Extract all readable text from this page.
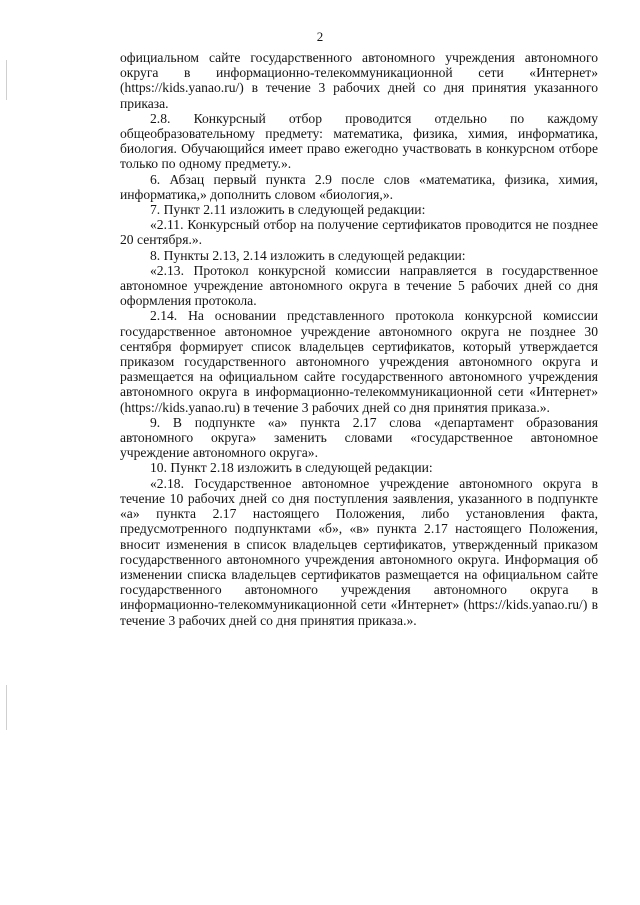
2

официальном сайте государственного автономного учреждения автономного округа в информационно-телекоммуникационной сети «Интернет» (https://kids.yanao.ru/) в течение 3 рабочих дней со дня принятия указанного приказа.

2.8. Конкурсный отбор проводится отдельно по каждому общеобразовательному предмету: математика, физика, химия, информатика, биология. Обучающийся имеет право ежегодно участвовать в конкурсном отборе только по одному предмету.».

6. Абзац первый пункта 2.9 после слов «математика, физика, химия, информатика,» дополнить словом «биология,».

7. Пункт 2.11 изложить в следующей редакции:

«2.11. Конкурсный отбор на получение сертификатов проводится не позднее 20 сентября.».

8. Пункты 2.13, 2.14 изложить в следующей редакции:

«2.13. Протокол конкурсной комиссии направляется в государственное автономное учреждение автономного округа в течение 5 рабочих дней со дня оформления протокола.

2.14. На основании представленного протокола конкурсной комиссии государственное автономное учреждение автономного округа не позднее 30 сентября формирует список владельцев сертификатов, который утверждается приказом государственного автономного учреждения автономного округа и размещается на официальном сайте государственного автономного учреждения автономного округа в информационно-телекоммуникационной сети «Интернет» (https://kids.yanao.ru) в течение 3 рабочих дней со дня принятия приказа.».

9. В подпункте «а» пункта 2.17 слова «департамент образования автономного округа» заменить словами «государственное автономное учреждение автономного округа».

10. Пункт 2.18 изложить в следующей редакции:

«2.18. Государственное автономное учреждение автономного округа в течение 10 рабочих дней со дня поступления заявления, указанного в подпункте «а» пункта 2.17 настоящего Положения, либо установления факта, предусмотренного подпунктами «б», «в» пункта 2.17 настоящего Положения, вносит изменения в список владельцев сертификатов, утвержденный приказом государственного автономного учреждения автономного округа. Информация об изменении списка владельцев сертификатов размещается на официальном сайте государственного автономного учреждения автономного округа в информационно-телекоммуникационной сети «Интернет» (https://kids.yanao.ru/) в течение 3 рабочих дней со дня принятия приказа.».
